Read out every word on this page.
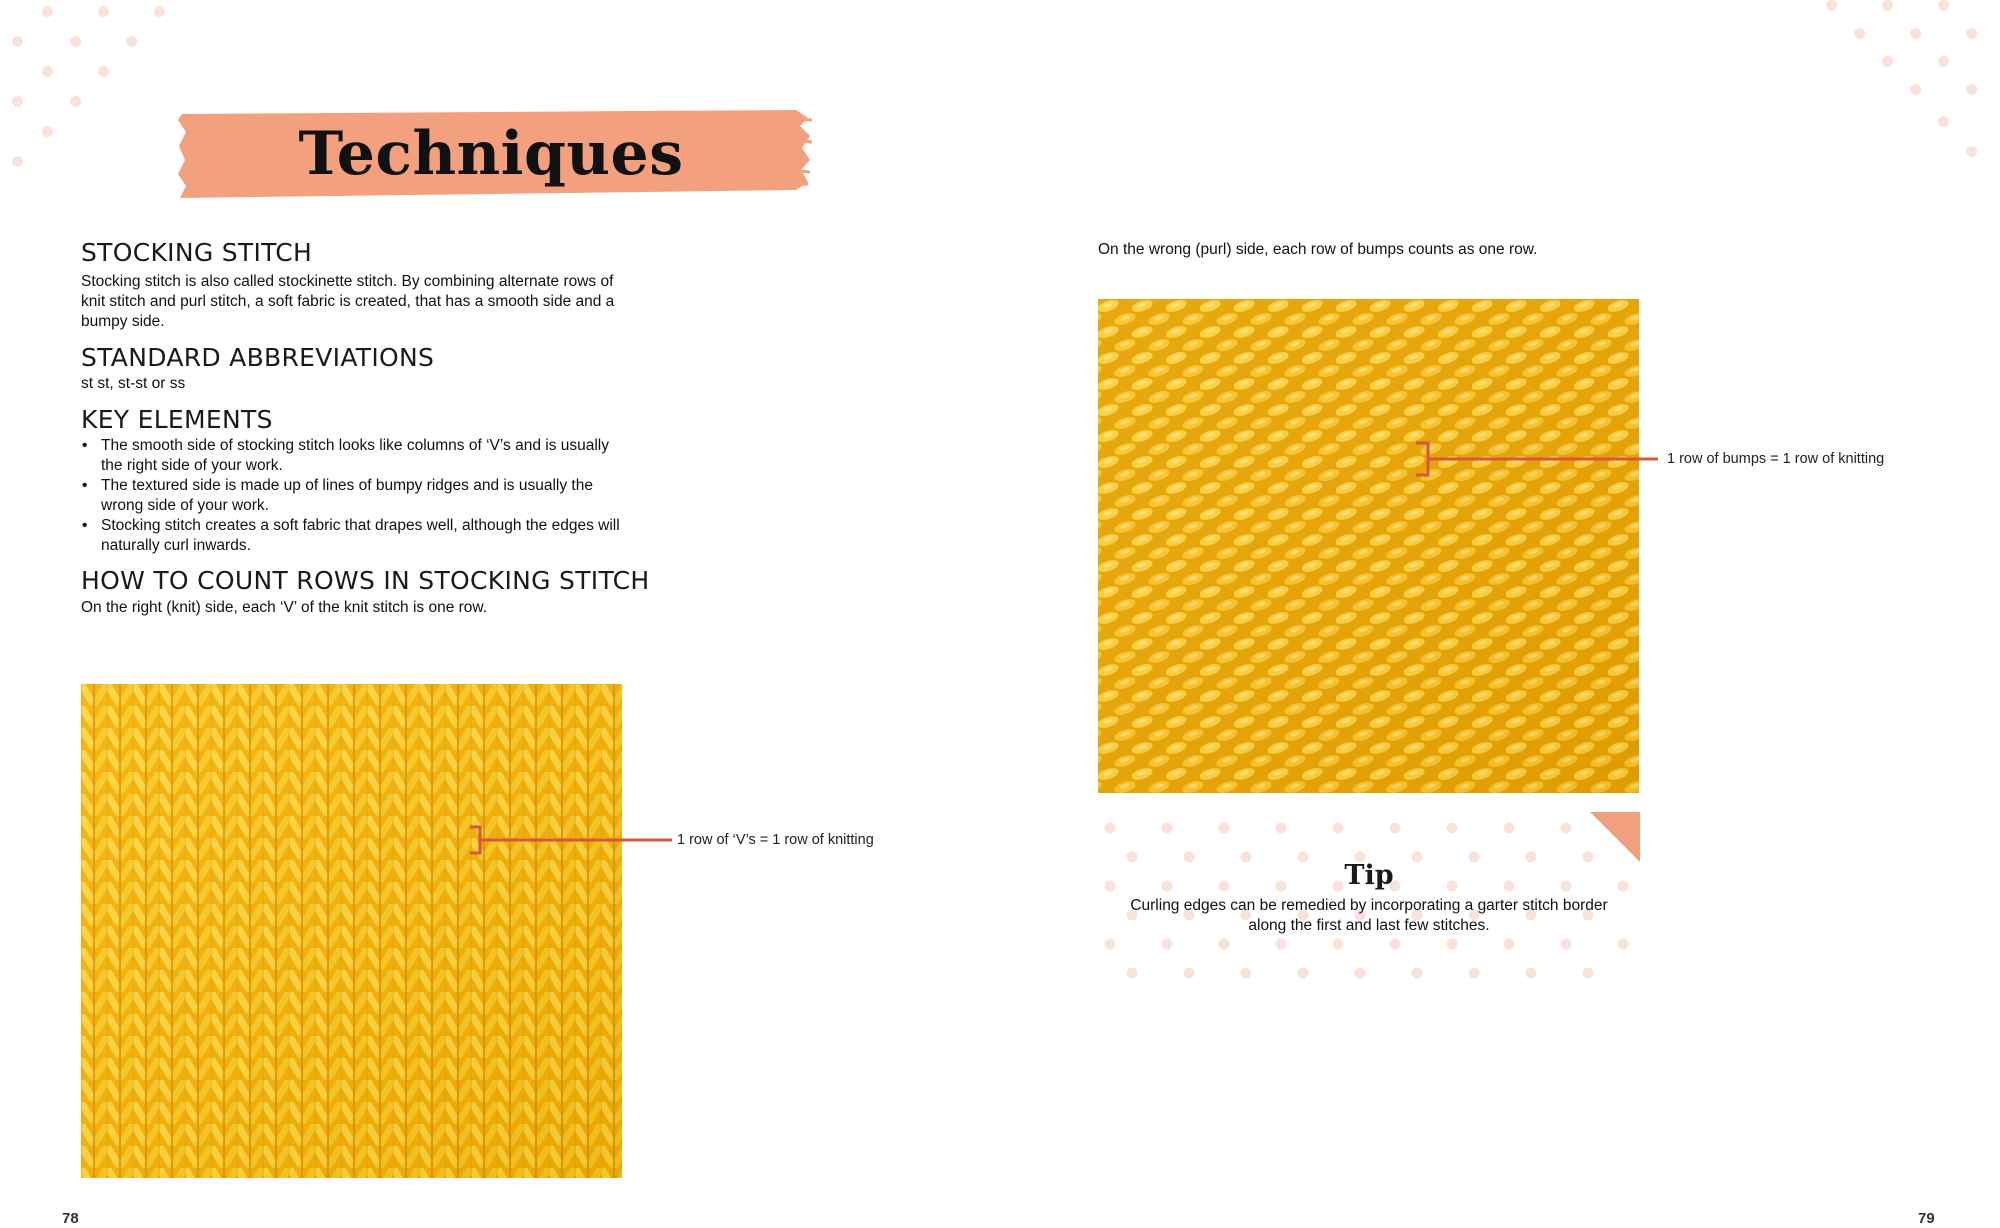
Techniques
STOCKING STITCH
Stocking stitch is also called stockinette stitch. By combining alternate rows of knit stitch and purl stitch, a soft fabric is created, that has a smooth side and a bumpy side.
STANDARD ABBREVIATIONS
st st, st-st or ss
KEY ELEMENTS
• The smooth side of stocking stitch looks like columns of ‘V’s and is usually the right side of your work.
• The textured side is made up of lines of bumpy ridges and is usually the wrong side of your work.
• Stocking stitch creates a soft fabric that drapes well, although the edges will naturally curl inwards.
HOW TO COUNT ROWS IN STOCKING STITCH
On the right (knit) side, each ‘V’ of the knit stitch is one row.
1 row of ‘V’s = 1 row of knitting
78
On the wrong (purl) side, each row of bumps counts as one row.
1 row of bumps = 1 row of knitting
Tip
Curling edges can be remedied by incorporating a garter stitch border along the first and last few stitches.
79
